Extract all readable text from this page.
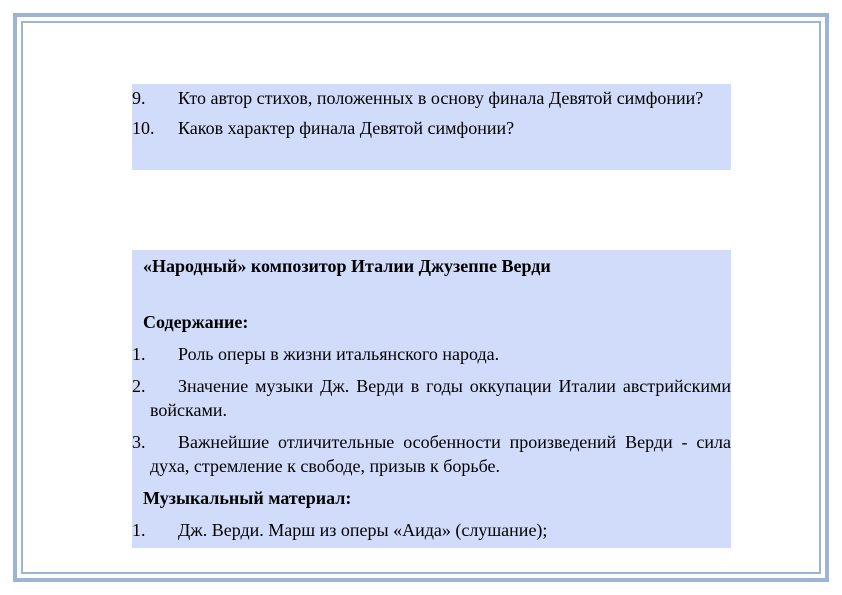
9.	Кто автор стихов, положенных в основу финала Девятой симфонии?
10.	Каков характер финала Девятой симфонии?
«Народный» композитор Италии Джузеппе Верди
Содержание:
1.	Роль оперы в жизни итальянского народа.
2.	Значение музыки Дж. Верди в годы оккупации Италии австрийскими войсками.
3.	Важнейшие отличительные особенности произведений Верди - сила духа, стремление к свободе, призыв к борьбе.
Музыкальный материал:
1.	Дж. Верди. Марш из оперы «Аида» (слушание);
